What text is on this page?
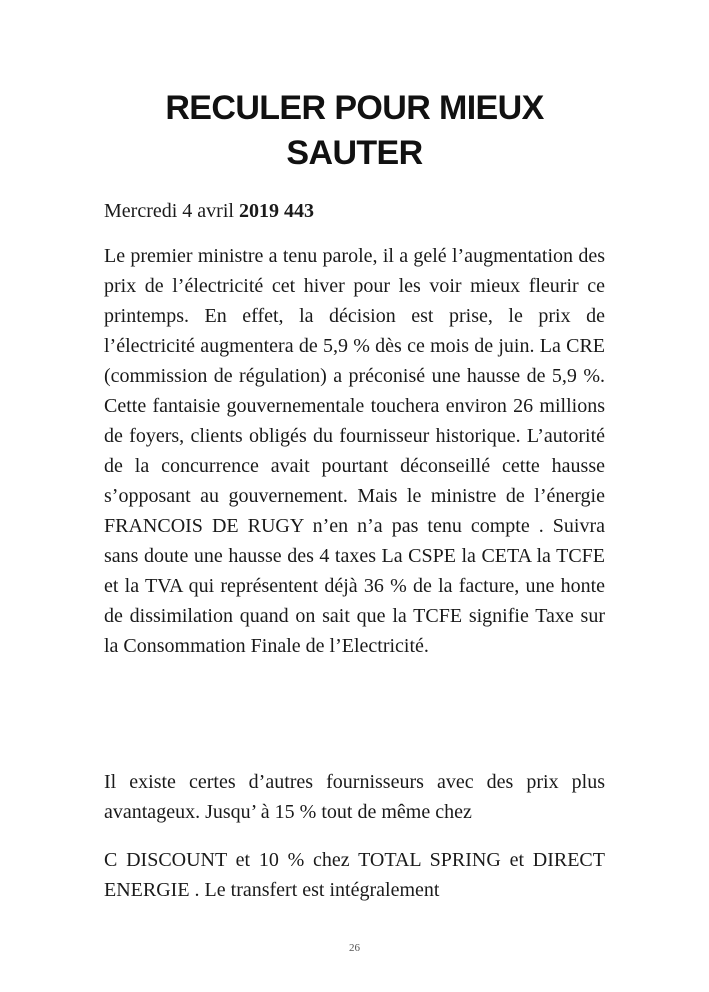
RECULER POUR MIEUX SAUTER

Mercredi 4 avril 2019 443

Le premier ministre a tenu parole, il a gelé l’augmentation des prix de l’électricité cet hiver pour les voir mieux fleurir ce printemps. En effet, la décision est prise, le prix de l’électricité augmentera de 5,9 % dès ce mois de juin. La CRE (commission de régulation) a préconisé une hausse de 5,9 %. Cette fantaisie gouvernementale touchera environ 26 millions de foyers, clients obligés du fournisseur historique. L’autorité de la concurrence avait pourtant déconseillé cette hausse s’opposant au gouvernement. Mais le ministre de l’énergie FRANCOIS DE RUGY n’en n’a pas tenu compte . Suivra sans doute une hausse des 4 taxes La CSPE la CETA la TCFE et la TVA qui représentent déjà 36 % de la facture, une honte de dissimilation quand on sait que la TCFE signifie Taxe sur la Consommation Finale de l’Electricité.

Il existe certes d’autres fournisseurs avec des prix plus avantageux. Jusqu’ à 15 % tout de même chez

C DISCOUNT et 10 % chez TOTAL SPRING et DIRECT ENERGIE . Le transfert est intégralement

26
